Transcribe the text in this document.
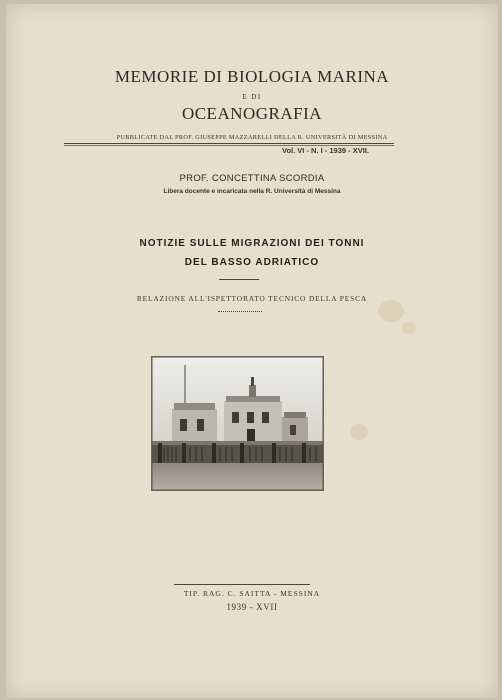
MEMORIE DI BIOLOGIA MARINA
E DI
OCEANOGRAFIA
PUBBLICATE DAL PROF. GIUSEPPE MAZZARELLI DELLA R. UNIVERSITÀ DI MESSINA
Vol. VI - N. I - 1939 - XVII.
PROF. CONCETTINA SCORDIA
Libera docente e incaricata nella R. Università di Messina
NOTIZIE SULLE MIGRAZIONI DEI TONNI
DEL BASSO ADRIATICO
RELAZIONE ALL'ISPETTORATO TECNICO DELLA PESCA
TIP. RAG. C. SAITTA - MESSINA
1939 - XVII
